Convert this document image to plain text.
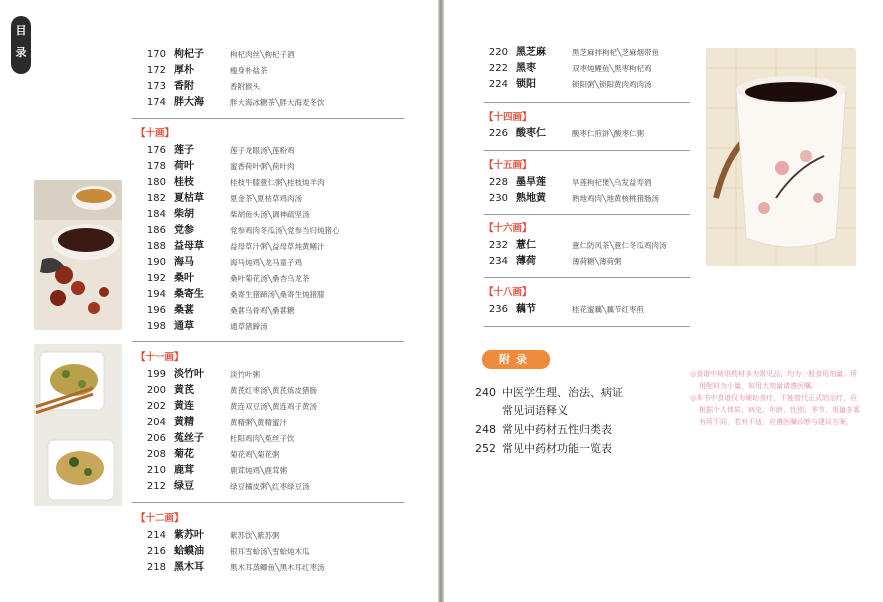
目
录	170 枸杞子	枸杞肉丝╲枸杞子酒
172 厚朴	瘦身朴盐茶
173 香附	香附猴头
174 胖大海	胖大海冰糖茶╲胖大海麦冬饮
【十画】
176 莲子	莲子龙眼汤╲莲粉鸡
178 荷叶	蜜香荷叶粥╲荷叶肉
180 桂枝	桂枝牛膝薏仁粥╲桂枝炖羊肉
182 夏枯草	夏金茶╲夏枯草鸡肉汤
184 柴胡	柴胡鱼头汤╲调神疏坚汤
186 党参	党参鸡肉冬瓜汤╲党参当归炖猪心
188 益母草	益母草汁粥╲益母草炖黄鳝汁
190 海马	海马炖鸡╲龙马童子鸡
192 桑叶	桑叶菊花汤╲桑杏乌龙茶
194 桑寄生	桑寄生猪蹄汤╲桑寄生炖猪膝
196 桑葚	桑葚乌骨鸡╲桑葚糖
198 通草	通草猪蹄汤
【十一画】
199 淡竹叶	淡竹叶粥
200 黄芪	黄芪红枣汤╲黄芪炼皮猪肠
202 黄连	黄连双豆汤╲黄连鸡子黄汤
204 黄精	黄精粥╲黄精蜜汁
206 菟丝子	杜阳鸡肉╲菟丝子饮
208 菊花	菊花鸡╲菊花粥
210 鹿茸	鹿茸炖鸡╲鹿茸粥
212 绿豆	绿豆橘皮粥╲红枣绿豆汤
【十二画】
214 紫苏叶	紫苏饮╲紫苏粥
216 蛤蟆油	银耳雪蛤汤╲雪蛤炖木瓜
218 黑木耳	黑木耳蒸鲫鱼╲黑木耳红枣汤
220 黑芝麻	黑芝麻拌枸杞╲芝麻烟带鱼
222 黑枣	双枣炖鲤鱼╲黑枣枸杞鸡
224 锁阳	锁阳粥╲锁阳黄肉鸡肉汤
【十四画】
226 酸枣仁	酸枣仁煎饼╲酸枣仁粥
【十五画】
228 墨旱莲	旱莲枸杞煲╲乌发益寿酒
230 熟地黄	熟地鸡肉╲地黄核桃猪肠汤
【十六画】
232 薏仁	薏仁防风茶╲薏仁冬瓜鸡肉汤
234 薄荷	薄荷糖╲薄荷粥
【十八画】
236 藕节	桂花蜜藕╲藕节红枣煎
附录
240 中医学生理、治法、病证
常见词语释义
248 常见中药材五性归类表
252 常见中药材功能一览表

◎食谱中所用药材多为常见品，均为一般食用剂量。所用配料为小量，如用大剂量请遵医嘱。

◎本书中食谱仅为辅助食疗，不能替代正式的治疗，应根据个人体质、病史、年龄、性别、季节，用量多寡有所不同，若有不适，应遵医嘱诊断与建议方案。
